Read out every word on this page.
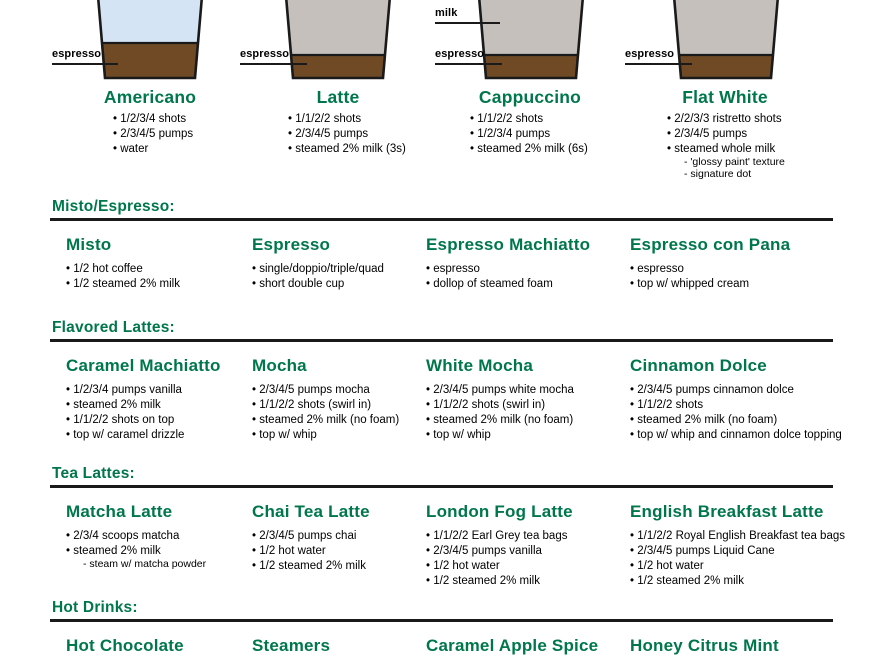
espresso	espresso
milk
espresso	espresso
Americano	Latte	Cappuccino	Flat White
• 1/2/3/4 shots
• 2/3/4/5 pumps
• water
• 1/1/2/2 shots
• 2/3/4/5 pumps
• steamed 2% milk (3s)
• 1/1/2/2 shots
• 1/2/3/4 pumps
• steamed 2% milk (6s)
• 2/2/3/3 ristretto shots
• 2/3/4/5 pumps
• steamed whole milk
- 'glossy paint' texture
- signature dot
Misto/Espresso:
Misto
• 1/2 hot coffee
• 1/2 steamed 2% milk
Espresso
• single/doppio/triple/quad
• short double cup
Espresso Machiatto
• espresso
• dollop of steamed foam
Espresso con Pana
• espresso
• top w/ whipped cream
Flavored Lattes:
Caramel Machiatto
• 1/2/3/4 pumps vanilla
• steamed 2% milk
• 1/1/2/2 shots on top
• top w/ caramel drizzle
Mocha
• 2/3/4/5 pumps mocha
• 1/1/2/2 shots (swirl in)
• steamed 2% milk (no foam)
• top w/ whip
White Mocha
• 2/3/4/5 pumps white mocha
• 1/1/2/2 shots (swirl in)
• steamed 2% milk (no foam)
• top w/ whip
Cinnamon Dolce
• 2/3/4/5 pumps cinnamon dolce
• 1/1/2/2 shots
• steamed 2% milk (no foam)
• top w/ whip and cinnamon dolce topping
Tea Lattes:
Matcha Latte
• 2/3/4 scoops matcha
• steamed 2% milk
- steam w/ matcha powder
Chai Tea Latte
• 2/3/4/5 pumps chai
• 1/2 hot water
• 1/2 steamed 2% milk
London Fog Latte
• 1/1/2/2 Earl Grey tea bags
• 2/3/4/5 pumps vanilla
• 1/2 hot water
• 1/2 steamed 2% milk
English Breakfast Latte
• 1/1/2/2 Royal English Breakfast tea bags
• 2/3/4/5 pumps Liquid Cane
• 1/2 hot water
• 1/2 steamed 2% milk
Hot Drinks:
Hot Chocolate	Steamers	Caramel Apple Spice	Honey Citrus Mint
